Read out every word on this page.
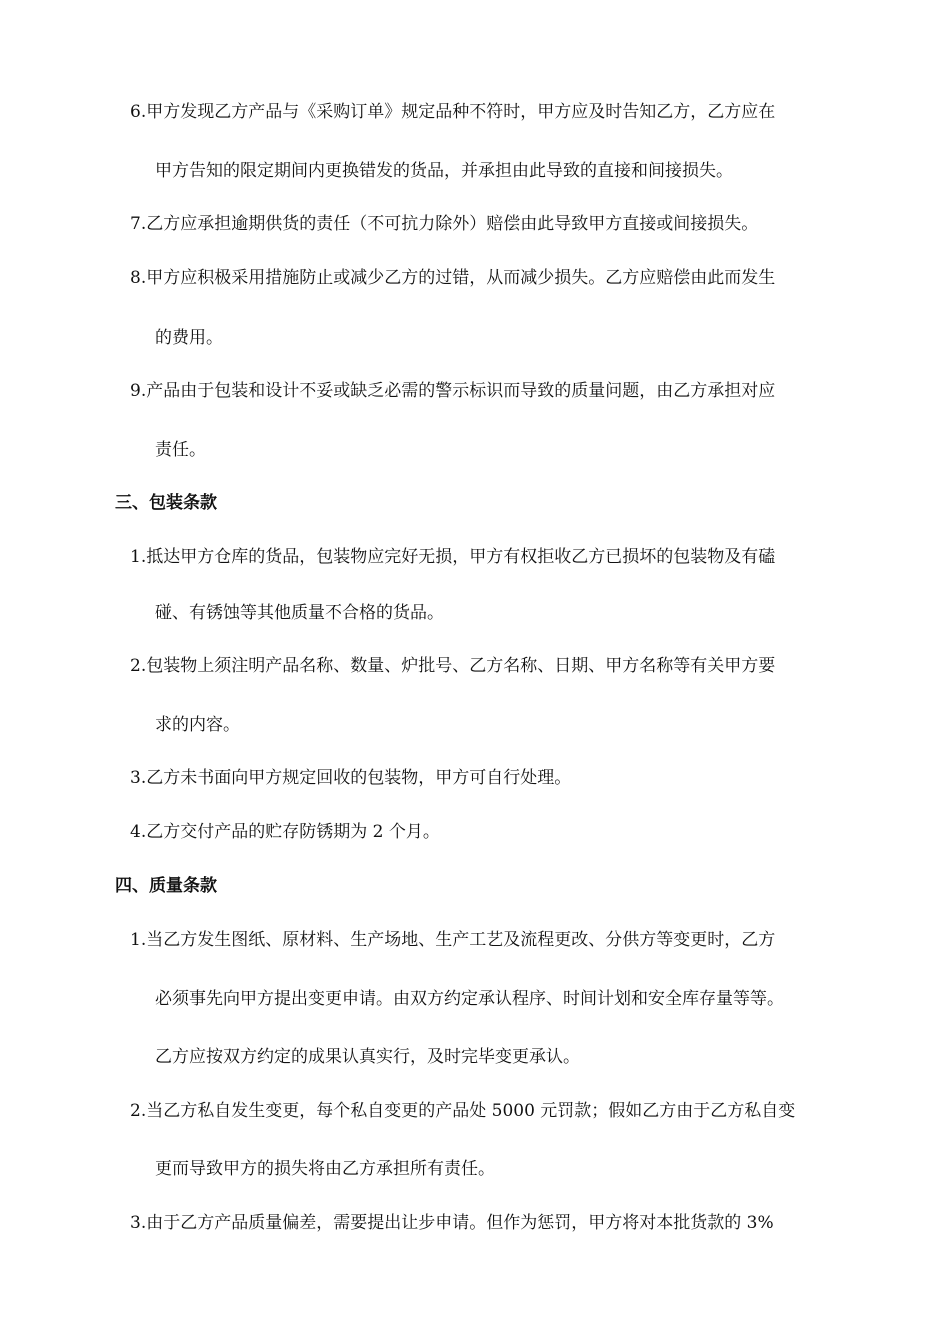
6.甲方发现乙方产品与《采购订单》规定品种不符时，甲方应及时告知乙方，乙方应在
甲方告知的限定期间内更换错发的货品，并承担由此导致的直接和间接损失。
7.乙方应承担逾期供货的责任（不可抗力除外）赔偿由此导致甲方直接或间接损失。
8.甲方应积极采用措施防止或减少乙方的过错，从而减少损失。乙方应赔偿由此而发生
的费用。
9.产品由于包装和设计不妥或缺乏必需的警示标识而导致的质量问题，由乙方承担对应
责任。
三、包装条款
1.抵达甲方仓库的货品，包装物应完好无损，甲方有权拒收乙方已损坏的包装物及有磕
碰、有锈蚀等其他质量不合格的货品。
2.包装物上须注明产品名称、数量、炉批号、乙方名称、日期、甲方名称等有关甲方要
求的内容。
3.乙方未书面向甲方规定回收的包装物，甲方可自行处理。
4.乙方交付产品的贮存防锈期为 2 个月。
四、质量条款
1.当乙方发生图纸、原材料、生产场地、生产工艺及流程更改、分供方等变更时，乙方
必须事先向甲方提出变更申请。由双方约定承认程序、时间计划和安全库存量等等。
乙方应按双方约定的成果认真实行，及时完毕变更承认。
2.当乙方私自发生变更，每个私自变更的产品处 5000 元罚款；假如乙方由于乙方私自变
更而导致甲方的损失将由乙方承担所有责任。
3.由于乙方产品质量偏差，需要提出让步申请。但作为惩罚，甲方将对本批货款的 3%
